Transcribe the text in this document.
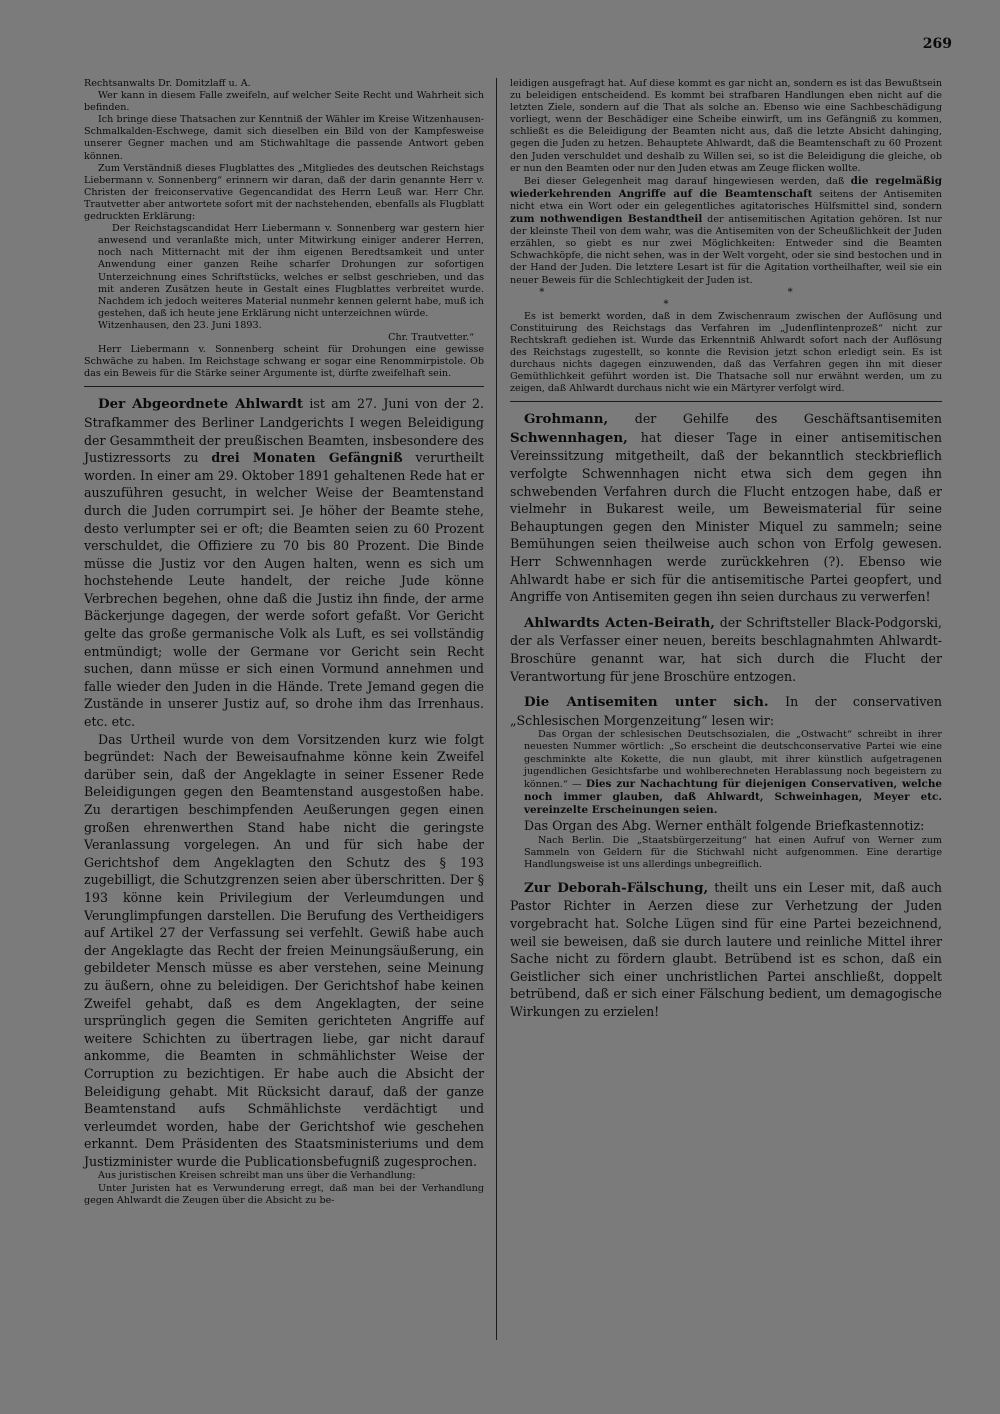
269

Rechtsanwalts Dr. Domitzlaff u. A.

Wer kann in diesem Falle zweifeln, auf welcher Seite Recht und Wahrheit sich befinden.

Ich bringe diese Thatsachen zur Kenntniß der Wähler im Kreise Witzenhausen-Schmalkalden-Eschwege, damit sich dieselben ein Bild von der Kampfesweise unserer Gegner machen und am Stichwahltage die passende Antwort geben können.

Zum Verständniß dieses Flugblattes des „Mitgliedes des deutschen Reichstags Liebermann v. Sonnenberg“ erinnern wir daran, daß der darin genannte Herr v. Christen der freiconservative Gegencandidat des Herrn Leuß war. Herr Chr. Trautvetter aber antwortete sofort mit der nachstehenden, ebenfalls als Flugblatt gedruckten Erklärung:

Der Reichstagscandidat Herr Liebermann v. Sonnenberg war gestern hier anwesend und veranlaßte mich, unter Mitwirkung einiger anderer Herren, noch nach Mitternacht mit der ihm eigenen Beredtsamkeit und unter Anwendung einer ganzen Reihe scharfer Drohungen zur sofortigen Unterzeichnung eines Schriftstücks, welches er selbst geschrieben, und das mit anderen Zusätzen heute in Gestalt eines Flugblattes verbreitet wurde. Nachdem ich jedoch weiteres Material nunmehr kennen gelernt habe, muß ich gestehen, daß ich heute jene Erklärung nicht unterzeichnen würde.

Witzenhausen, den 23. Juni 1893.

Chr. Trautvetter.“

Herr Liebermann v. Sonnenberg scheint für Drohungen eine gewisse Schwäche zu haben. Im Reichstage schwang er sogar eine Renommirpistole. Ob das ein Beweis für die Stärke seiner Argumente ist, dürfte zweifelhaft sein.

Der Abgeordnete Ahlwardt ist am 27. Juni von der 2. Strafkammer des Berliner Landgerichts I wegen Beleidigung der Gesammtheit der preußischen Beamten, insbesondere des Justizressorts zu drei Monaten Gefängniß verurtheilt worden. In einer am 29. Oktober 1891 gehaltenen Rede hat er auszuführen gesucht, in welcher Weise der Beamtenstand durch die Juden corrumpirt sei. Je höher der Beamte stehe, desto verlumpter sei er oft; die Beamten seien zu 60 Prozent verschuldet, die Offiziere zu 70 bis 80 Prozent. Die Binde müsse die Justiz vor den Augen halten, wenn es sich um hochstehende Leute handelt, der reiche Jude könne Verbrechen begehen, ohne daß die Justiz ihn finde, der arme Bäckerjunge dagegen, der werde sofort gefaßt. Vor Gericht gelte das große germanische Volk als Luft, es sei vollständig entmündigt; wolle der Germane vor Gericht sein Recht suchen, dann müsse er sich einen Vormund annehmen und falle wieder den Juden in die Hände. Trete Jemand gegen die Zustände in unserer Justiz auf, so drohe ihm das Irrenhaus. etc. etc.

Das Urtheil wurde von dem Vorsitzenden kurz wie folgt begründet: Nach der Beweisaufnahme könne kein Zweifel darüber sein, daß der Angeklagte in seiner Essener Rede Beleidigungen gegen den Beamtenstand ausgestoßen habe. Zu derartigen beschimpfenden Aeußerungen gegen einen großen ehrenwerthen Stand habe nicht die geringste Veranlassung vorgelegen. An und für sich habe der Gerichtshof dem Angeklagten den Schutz des § 193 zugebilligt, die Schutzgrenzen seien aber überschritten. Der § 193 könne kein Privilegium der Verleumdungen und Verunglimpfungen darstellen. Die Berufung des Vertheidigers auf Artikel 27 der Verfassung sei verfehlt. Gewiß habe auch der Angeklagte das Recht der freien Meinungsäußerung, ein gebildeter Mensch müsse es aber verstehen, seine Meinung zu äußern, ohne zu beleidigen. Der Gerichtshof habe keinen Zweifel gehabt, daß es dem Angeklagten, der seine ursprünglich gegen die Semiten gerichteten Angriffe auf weitere Schichten zu übertragen liebe, gar nicht darauf ankomme, die Beamten in schmählichster Weise der Corruption zu bezichtigen. Er habe auch die Absicht der Beleidigung gehabt. Mit Rücksicht darauf, daß der ganze Beamtenstand aufs Schmählichste verdächtigt und verleumdet worden, habe der Gerichtshof wie geschehen erkannt. Dem Präsidenten des Staatsministeriums und dem Justizminister wurde die Publicationsbefugniß zugesprochen.

Aus juristischen Kreisen schreibt man uns über die Verhandlung:

Unter Juristen hat es Verwunderung erregt, daß man bei der Verhandlung gegen Ahlwardt die Zeugen über die Absicht zu be-

leidigen ausgefragt hat. Auf diese kommt es gar nicht an, sondern es ist das Bewußtsein zu beleidigen entscheidend. Es kommt bei strafbaren Handlungen eben nicht auf die letzten Ziele, sondern auf die That als solche an. Ebenso wie eine Sachbeschädigung vorliegt, wenn der Beschädiger eine Scheibe einwirft, um ins Gefängniß zu kommen, schließt es die Beleidigung der Beamten nicht aus, daß die letzte Absicht dahinging, gegen die Juden zu hetzen. Behauptete Ahlwardt, daß die Beamtenschaft zu 60 Prozent den Juden verschuldet und deshalb zu Willen sei, so ist die Beleidigung die gleiche, ob er nun den Beamten oder nur den Juden etwas am Zeuge flicken wollte.

Bei dieser Gelegenheit mag darauf hingewiesen werden, daß die regelmäßig wiederkehrenden Angriffe auf die Beamtenschaft seitens der Antisemiten nicht etwa ein Wort oder ein gelegentliches agitatorisches Hülfsmittel sind, sondern zum nothwendigen Bestandtheil der antisemitischen Agitation gehören. Ist nur der kleinste Theil von dem wahr, was die Antisemiten von der Scheußlichkeit der Juden erzählen, so giebt es nur zwei Möglichkeiten: Entweder sind die Beamten Schwachköpfe, die nicht sehen, was in der Welt vorgeht, oder sie sind bestochen und in der Hand der Juden. Die letztere Lesart ist für die Agitation vortheilhafter, weil sie ein neuer Beweis für die Schlechtigkeit der Juden ist.

* * *

Es ist bemerkt worden, daß in dem Zwischenraum zwischen der Auflösung und Constituirung des Reichstags das Verfahren im „Judenflintenprozeß“ nicht zur Rechtskraft gediehen ist. Wurde das Erkenntniß Ahlwardt sofort nach der Auflösung des Reichstags zugestellt, so konnte die Revision jetzt schon erledigt sein. Es ist durchaus nichts dagegen einzuwenden, daß das Verfahren gegen ihn mit dieser Gemüthlichkeit geführt worden ist. Die Thatsache soll nur erwähnt werden, um zu zeigen, daß Ahlwardt durchaus nicht wie ein Märtyrer verfolgt wird.

Grohmann, der Gehilfe des Geschäftsantisemiten Schwennhagen, hat dieser Tage in einer antisemitischen Vereinssitzung mitgetheilt, daß der bekanntlich steckbrieflich verfolgte Schwennhagen nicht etwa sich dem gegen ihn schwebenden Verfahren durch die Flucht entzogen habe, daß er vielmehr in Bukarest weile, um Beweismaterial für seine Behauptungen gegen den Minister Miquel zu sammeln; seine Bemühungen seien theilweise auch schon von Erfolg gewesen. Herr Schwennhagen werde zurückkehren (?). Ebenso wie Ahlwardt habe er sich für die antisemitische Partei geopfert, und Angriffe von Antisemiten gegen ihn seien durchaus zu verwerfen!

Ahlwardts Acten-Beirath, der Schriftsteller Black-Podgorski, der als Verfasser einer neuen, bereits beschlagnahmten Ahlwardt-Broschüre genannt war, hat sich durch die Flucht der Verantwortung für jene Broschüre entzogen.

Die Antisemiten unter sich. In der conservativen „Schlesischen Morgenzeitung“ lesen wir:

Das Organ der schlesischen Deutschsozialen, die „Ostwacht“ schreibt in ihrer neuesten Nummer wörtlich: „So erscheint die deutschconservative Partei wie eine geschminkte alte Kokette, die nun glaubt, mit ihrer künstlich aufgetragenen jugendlichen Gesichtsfarbe und wohlberechneten Herablassung noch begeistern zu können.“ — Dies zur Nachachtung für diejenigen Conservativen, welche noch immer glauben, daß Ahlwardt, Schweinhagen, Meyer etc. vereinzelte Erscheinungen seien.

Das Organ des Abg. Werner enthält folgende Briefkastennotiz:

Nach Berlin. Die „Staatsbürgerzeitung“ hat einen Aufruf von Werner zum Sammeln von Geldern für die Stichwahl nicht aufgenommen. Eine derartige Handlungsweise ist uns allerdings unbegreiflich.

Zur Deborah-Fälschung, theilt uns ein Leser mit, daß auch Pastor Richter in Aerzen diese zur Verhetzung der Juden vorgebracht hat. Solche Lügen sind für eine Partei bezeichnend, weil sie beweisen, daß sie durch lautere und reinliche Mittel ihrer Sache nicht zu fördern glaubt. Betrübend ist es schon, daß ein Geistlicher sich einer unchristlichen Partei anschließt, doppelt betrübend, daß er sich einer Fälschung bedient, um demagogische Wirkungen zu erzielen!
